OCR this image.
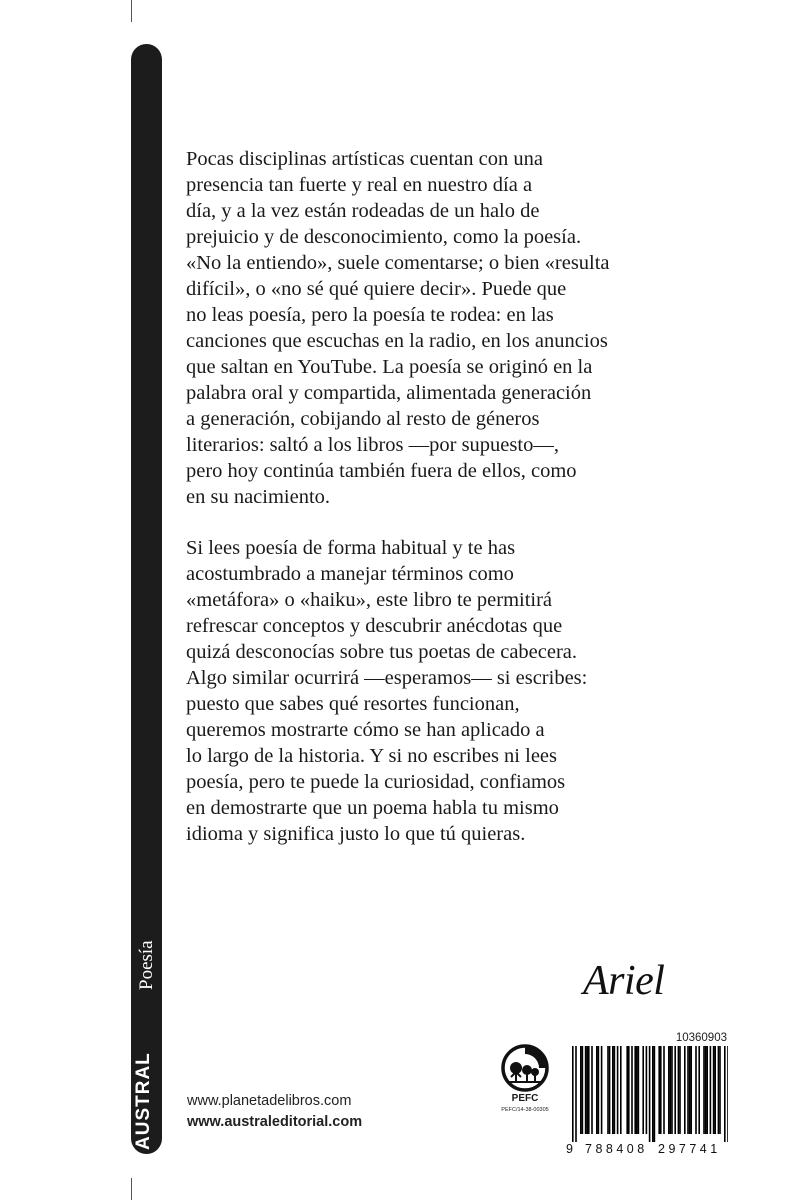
Poesía
AUSTRAL

Pocas disciplinas artísticas cuentan con una
presencia tan fuerte y real en nuestro día a
día, y a la vez están rodeadas de un halo de
prejuicio y de desconocimiento, como la poesía.
«No la entiendo», suele comentarse; o bien «resulta
difícil», o «no sé qué quiere decir». Puede que
no leas poesía, pero la poesía te rodea: en las
canciones que escuchas en la radio, en los anuncios
que saltan en YouTube. La poesía se originó en la
palabra oral y compartida, alimentada generación
a generación, cobijando al resto de géneros
literarios: saltó a los libros —por supuesto—,
pero hoy continúa también fuera de ellos, como
en su nacimiento.

Si lees poesía de forma habitual y te has
acostumbrado a manejar términos como
«metáfora» o «haiku», este libro te permitirá
refrescar conceptos y descubrir anécdotas que
quizá desconocías sobre tus poetas de cabecera.
Algo similar ocurrirá —esperamos— si escribes:
puesto que sabes qué resortes funcionan,
queremos mostrarte cómo se han aplicado a
lo largo de la historia. Y si no escribes ni lees
poesía, pero te puede la curiosidad, confiamos
en demostrarte que un poema habla tu mismo
idioma y significa justo lo que tú quieras.

Ariel
www.planetadelibros.com
www.australeditorial.com
PEFC
PEFC/14-38-00305
10360903
9 788408 297741
